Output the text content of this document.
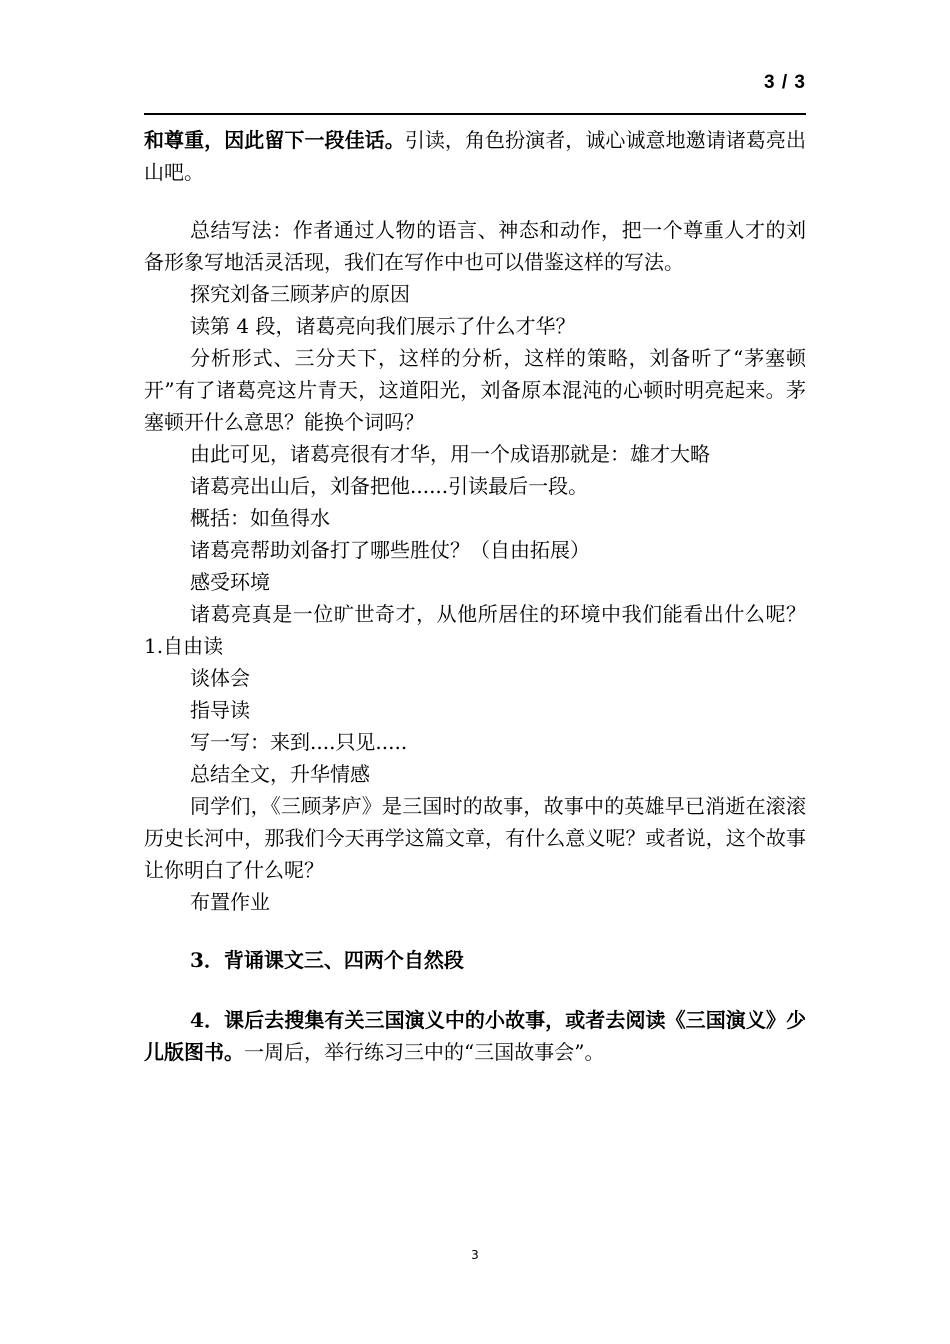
3 / 3

和尊重，因此留下一段佳话。引读，角色扮演者，诚心诚意地邀请诸葛亮出山吧。

总结写法：作者通过人物的语言、神态和动作，把一个尊重人才的刘备形象写地活灵活现，我们在写作中也可以借鉴这样的写法。

探究刘备三顾茅庐的原因

读第 4 段，诸葛亮向我们展示了什么才华？

分析形式、三分天下，这样的分析，这样的策略，刘备听了“茅塞顿开”有了诸葛亮这片青天，这道阳光，刘备原本混沌的心顿时明亮起来。茅塞顿开什么意思？能换个词吗？

由此可见，诸葛亮很有才华，用一个成语那就是：雄才大略

诸葛亮出山后，刘备把他......引读最后一段。

概括：如鱼得水

诸葛亮帮助刘备打了哪些胜仗？（自由拓展）

感受环境

诸葛亮真是一位旷世奇才，从他所居住的环境中我们能看出什么呢？1.自由读

谈体会

指导读

写一写：来到....只见.....

总结全文，升华情感

同学们，《三顾茅庐》是三国时的故事，故事中的英雄早已消逝在滚滚历史长河中，那我们今天再学这篇文章，有什么意义呢？或者说，这个故事让你明白了什么呢？

布置作业

3．背诵课文三、四两个自然段

4．课后去搜集有关三国演义中的小故事，或者去阅读《三国演义》少儿版图书。一周后，举行练习三中的“三国故事会”。

3
